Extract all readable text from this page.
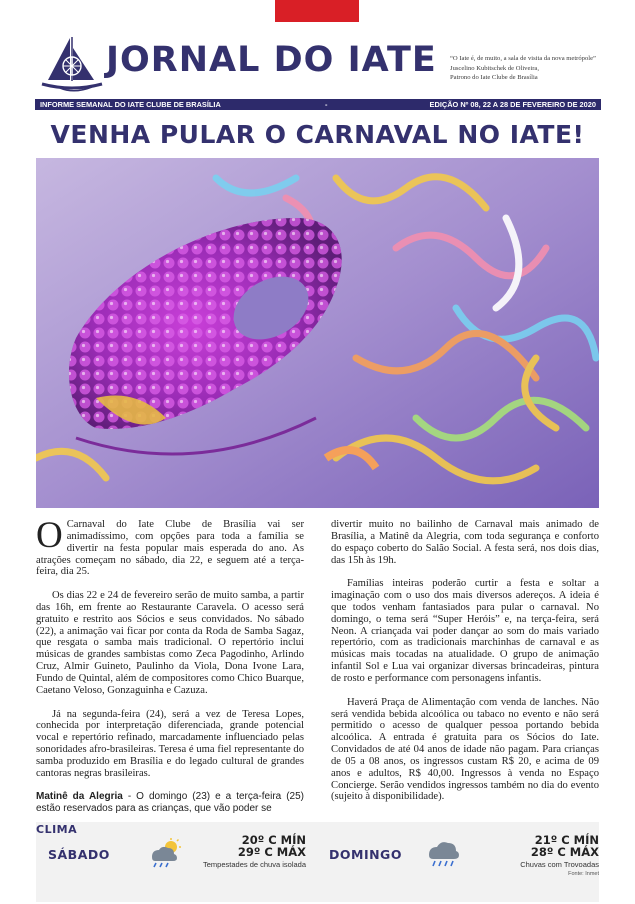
JORNAL DO IATE “O Iate é, de muito, a sala de visita da nova metrópole”
Juscelino Kubitschek de Oliveira,
Patrono do Iate Clube de Brasília
INFORME SEMANAL DO IATE CLUBE DE BRASÍLIA	-	EDIÇÃO Nº 08, 22 A 28 DE FEVEREIRO DE 2020
VENHA PULAR O CARNAVAL NO IATE!

O Carnaval do Iate Clube de Brasília vai ser animadíssimo, com opções para toda a família se divertir na festa popular mais esperada do ano. As atrações começam no sábado, dia 22, e seguem até a terça-feira, dia 25.

Os dias 22 e 24 de fevereiro serão de muito samba, a partir das 16h, em frente ao Restaurante Caravela. O acesso será gratuito e restrito aos Sócios e seus convidados. No sábado (22), a animação vai ficar por conta da Roda de Samba Sagaz, que resgata o samba mais tradicional. O repertório inclui músicas de grandes sambistas como Zeca Pagodinho, Arlindo Cruz, Almir Guineto, Paulinho da Viola, Dona Ivone Lara, Fundo de Quintal, além de compositores como Chico Buarque, Caetano Veloso, Gonzaguinha e Cazuza.

Já na segunda-feira (24), será a vez de Teresa Lopes, conhecida por interpretação diferenciada, grande potencial vocal e repertório refinado, marcadamente influenciado pelas sonoridades afro-brasileiras. Teresa é uma fiel representante do samba produzido em Brasília e do legado cultural de grandes cantoras negras brasileiras.

Matinê da Alegria - O domingo (23) e a terça-feira (25) estão reservados para as crianças, que vão poder se

divertir muito no bailinho de Carnaval mais animado de Brasília, a Matinê da Alegria, com toda segurança e conforto do espaço coberto do Salão Social. A festa será, nos dois dias, das 15h às 19h.

Famílias inteiras poderão curtir a festa e soltar a imaginação com o uso dos mais diversos adereços. A ideia é que todos venham fantasiados para pular o carnaval. No domingo, o tema será “Super Heróis” e, na terça-feira, será Neon. A criançada vai poder dançar ao som do mais variado repertório, com as tradicionais marchinhas de carnaval e as músicas mais tocadas na atualidade. O grupo de animação infantil Sol e Lua vai organizar diversas brincadeiras, pintura de rosto e performance com personagens infantis.

Haverá Praça de Alimentação com venda de lanches. Não será vendida bebida alcoólica ou tabaco no evento e não será permitido o acesso de qualquer pessoa portando bebida alcoólica. A entrada é gratuita para os Sócios do Iate. Convidados de até 04 anos de idade não pagam. Para crianças de 05 a 08 anos, os ingressos custam R$ 20, e acima de 09 anos e adultos, R$ 40,00. Ingressos à venda no Espaço Concierge. Serão vendidos ingressos também no dia do evento (sujeito à disponibilidade).

CLIMA
SÁBADO
20º C MÍN
29º C MÁX
Tempestades de chuva isolada
DOMINGO
21º C MÍN
28º C MÁX
Chuvas com Trovoadas
Fonte: Inmet
